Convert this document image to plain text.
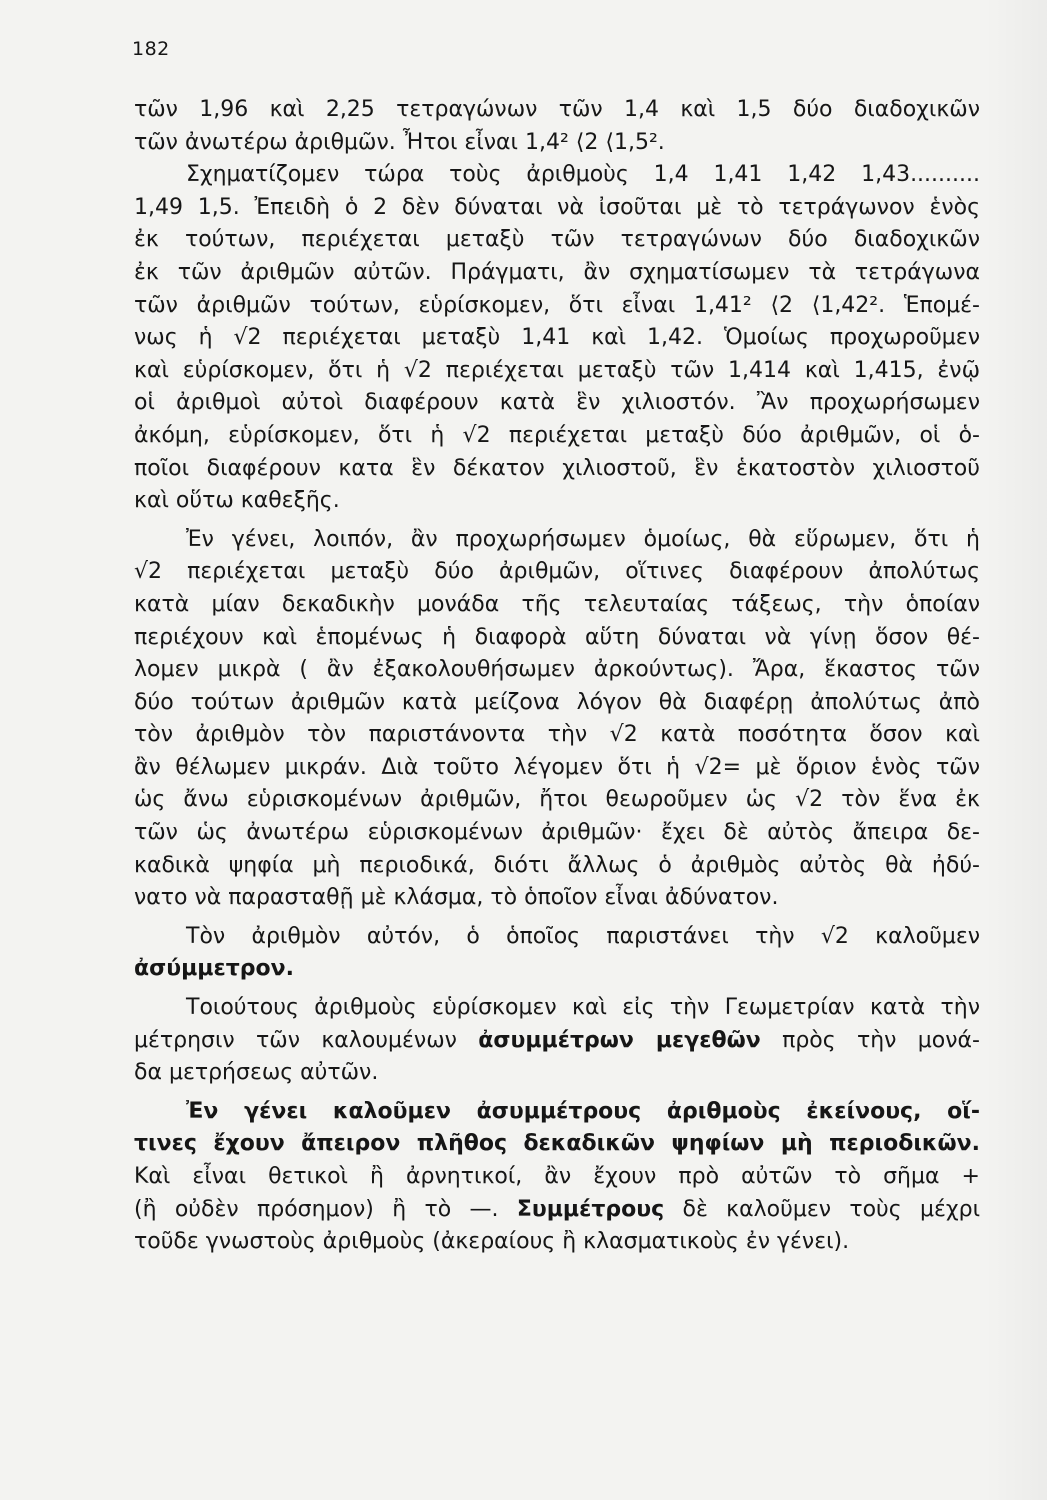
182
τῶν 1,96 καὶ 2,25 τετραγώνων τῶν 1,4 καὶ 1,5 δύο διαδοχικῶν
τῶν ἀνωτέρω ἀριθμῶν. Ἦτοι εἶναι 1,4² ⟨2 ⟨1,5².
Σχηματίζομεν τώρα τοὺς ἀριθμοὺς 1,4 1,41 1,42 1,43..........
1,49 1,5. Ἐπειδὴ ὁ 2 δὲν δύναται νὰ ἰσοῦται μὲ τὸ τετράγωνον ἑνὸς
ἐκ τούτων, περιέχεται μεταξὺ τῶν τετραγώνων δύο διαδοχικῶν
ἐκ τῶν ἀριθμῶν αὐτῶν. Πράγματι, ἂν σχηματίσωμεν τὰ τετράγωνα
τῶν ἀριθμῶν τούτων, εὑρίσκομεν, ὅτι εἶναι 1,41² ⟨2 ⟨1,42². Ἑπομέ-
νως ἡ √2 περιέχεται μεταξὺ 1,41 καὶ 1,42. Ὁμοίως προχωροῦμεν
καὶ εὑρίσκομεν, ὅτι ἡ √2 περιέχεται μεταξὺ τῶν 1,414 καὶ 1,415, ἐνῷ
οἱ ἀριθμοὶ αὐτοὶ διαφέρουν κατὰ ἓν χιλιοστόν. Ἂν προχωρήσωμεν
ἀκόμη, εὑρίσκομεν, ὅτι ἡ √2 περιέχεται μεταξὺ δύο ἀριθμῶν, οἱ ὁ-
ποῖοι διαφέρουν κατα ἓν δέκατον χιλιοστοῦ, ἓν ἑκατοστὸν χιλιοστοῦ
καὶ οὕτω καθεξῆς.
Ἐν γένει, λοιπόν, ἂν προχωρήσωμεν ὁμοίως, θὰ εὕρωμεν, ὅτι ἡ
√2 περιέχεται μεταξὺ δύο ἀριθμῶν, οἵτινες διαφέρουν ἀπολύτως
κατὰ μίαν δεκαδικὴν μονάδα τῆς τελευταίας τάξεως, τὴν ὁποίαν
περιέχουν καὶ ἑπομένως ἡ διαφορὰ αὕτη δύναται νὰ γίνῃ ὅσον θέ-
λομεν μικρὰ ( ἂν ἐξακολουθήσωμεν ἀρκούντως). Ἄρα, ἕκαστος τῶν
δύο τούτων ἀριθμῶν κατὰ μείζονα λόγον θὰ διαφέρῃ ἀπολύτως ἀπὸ
τὸν ἀριθμὸν τὸν παριστάνοντα τὴν √2 κατὰ ποσότητα ὅσον καὶ
ἂν θέλωμεν μικράν. Διὰ τοῦτο λέγομεν ὅτι ἡ √2= μὲ ὅριον ἑνὸς τῶν
ὡς ἄνω εὑρισκομένων ἀριθμῶν, ἤτοι θεωροῦμεν ὡς √2 τὸν ἕνα ἐκ
τῶν ὡς ἀνωτέρω εὑρισκομένων ἀριθμῶν· ἔχει δὲ αὐτὸς ἄπειρα δε-
καδικὰ ψηφία μὴ περιοδικά, διότι ἄλλως ὁ ἀριθμὸς αὐτὸς θὰ ἠδύ-
νατο νὰ παρασταθῇ μὲ κλάσμα, τὸ ὁποῖον εἶναι ἀδύνατον.
Τὸν ἀριθμὸν αὐτόν, ὁ ὁποῖος παριστάνει τὴν √2 καλοῦμεν
ἀσύμμετρον.
Τοιούτους ἀριθμοὺς εὑρίσκομεν καὶ εἰς τὴν Γεωμετρίαν κατὰ τὴν
μέτρησιν τῶν καλουμένων ἀσυμμέτρων μεγεθῶν πρὸς τὴν μονά-
δα μετρήσεως αὐτῶν.
Ἐν γένει καλοῦμεν ἀσυμμέτρους ἀριθμοὺς ἐκείνους, οἵ-
τινες ἔχουν ἄπειρον πλῆθος δεκαδικῶν ψηφίων μὴ περιοδικῶν.
Καὶ εἶναι θετικοὶ ἢ ἀρνητικοί, ἂν ἔχουν πρὸ αὐτῶν τὸ σῆμα +
(ἢ οὐδὲν πρόσημον) ἢ τὸ —. Συμμέτρους δὲ καλοῦμεν τοὺς μέχρι
τοῦδε γνωστοὺς ἀριθμοὺς (ἀκεραίους ἢ κλασματικοὺς ἐν γένει).
